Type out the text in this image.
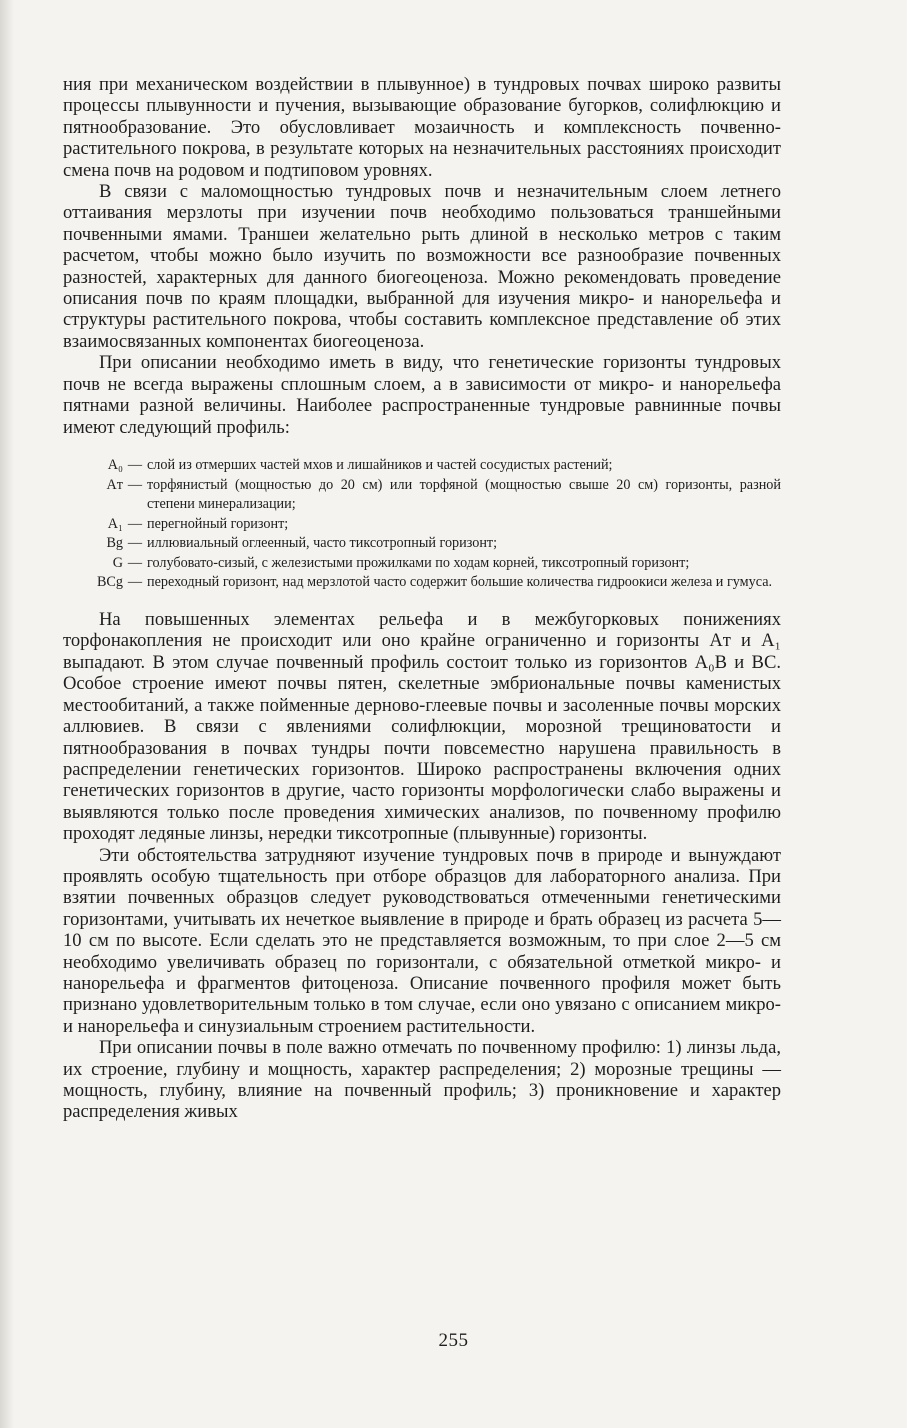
ния при механическом воздействии в плывунное) в тундровых почвах широко развиты процессы плывунности и пучения, вызывающие образование бугорков, солифлюкцию и пятнообразование. Это обусловливает мозаичность и комплексность почвенно-растительного покрова, в результате которых на незначительных расстояниях происходит смена почв на родовом и подтиповом уровнях.

В связи с маломощностью тундровых почв и незначительным слоем летнего оттаивания мерзлоты при изучении почв необходимо пользоваться траншейными почвенными ямами. Траншеи желательно рыть длиной в несколько метров с таким расчетом, чтобы можно было изучить по возможности все разнообразие почвенных разностей, характерных для данного биогеоценоза. Можно рекомендовать проведение описания почв по краям площадки, выбранной для изучения микро- и нанорельефа и структуры растительного покрова, чтобы составить комплексное представление об этих взаимосвязанных компонентах биогеоценоза.

При описании необходимо иметь в виду, что генетические горизонты тундровых почв не всегда выражены сплошным слоем, а в зависимости от микро- и нанорельефа пятнами разной величины. Наиболее распространенные тундровые равнинные почвы имеют следующий профиль:

A₀ — слой из отмерших частей мхов и лишайников и частей сосудистых растений;
Aт — торфянистый (мощностью до 20 см) или торфяной (мощностью свыше 20 см) горизонты, разной степени минерализации;
A₁ — перегнойный горизонт;
Bg — иллювиальный оглеенный, часто тиксотропный горизонт;
G — голубовато-сизый, с железистыми прожилками по ходам корней, тиксотропный горизонт;
BCg — переходный горизонт, над мерзлотой часто содержит большие количества гидроокиси железа и гумуса.

На повышенных элементах рельефа и в межбугорковых понижениях торфонакопления не происходит или оно крайне ограниченно и горизонты Aт и A₁ выпадают. В этом случае почвенный профиль состоит только из горизонтов A₀B и BC. Особое строение имеют почвы пятен, скелетные эмбриональные почвы каменистых местообитаний, а также пойменные дерново-глеевые почвы и засоленные почвы морских аллювиев. В связи с явлениями солифлюкции, морозной трещиноватости и пятнообразования в почвах тундры почти повсеместно нарушена правильность в распределении генетических горизонтов. Широко распространены включения одних генетических горизонтов в другие, часто горизонты морфологически слабо выражены и выявляются только после проведения химических анализов, по почвенному профилю проходят ледяные линзы, нередки тиксотропные (плывунные) горизонты.

Эти обстоятельства затрудняют изучение тундровых почв в природе и вынуждают проявлять особую тщательность при отборе образцов для лабораторного анализа. При взятии почвенных образцов следует руководствоваться отмеченными генетическими горизонтами, учитывать их нечеткое выявление в природе и брать образец из расчета 5—10 см по высоте. Если сделать это не представляется возможным, то при слое 2—5 см необходимо увеличивать образец по горизонтали, с обязательной отметкой микро- и нанорельефа и фрагментов фитоценоза. Описание почвенного профиля может быть признано удовлетворительным только в том случае, если оно увязано с описанием микро- и нанорельефа и синузиальным строением растительности.

При описании почвы в поле важно отмечать по почвенному профилю: 1) линзы льда, их строение, глубину и мощность, характер распределения; 2) морозные трещины — мощность, глубину, влияние на почвенный профиль; 3) проникновение и характер распределения живых

255
